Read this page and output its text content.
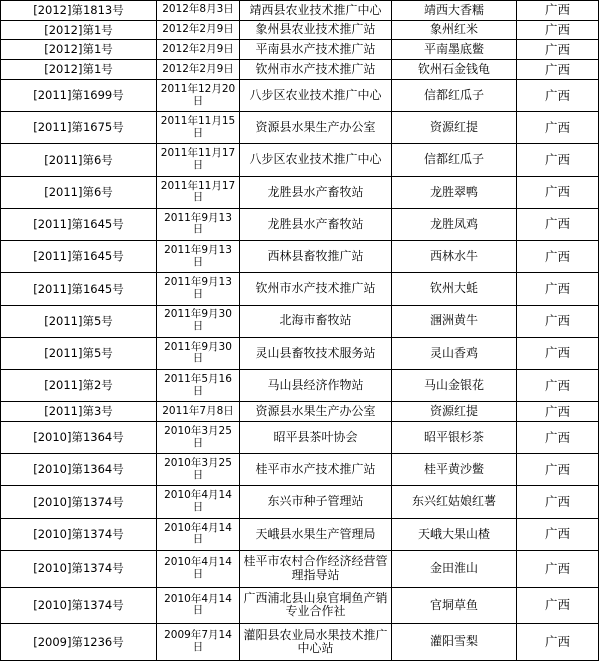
[2012]第1813号	2012年8月3日	靖西县农业技术推广中心	靖西大香糯	广西
[2012]第1号	2012年2月9日	象州县农业技术推广站	象州红米	广西
[2012]第1号	2012年2月9日	平南县水产技术推广站	平南墨底鳖	广西
[2012]第1号	2012年2月9日	钦州市水产技术推广站	钦州石金钱龟	广西
[2011]第1699号	2011年12月20日	八步区农业技术推广中心	信都红瓜子	广西
[2011]第1675号	2011年11月15日	资源县水果生产办公室	资源红提	广西
[2011]第6号	2011年11月17日	八步区农业技术推广中心	信都红瓜子	广西
[2011]第6号	2011年11月17日	龙胜县水产畜牧站	龙胜翠鸭	广西
[2011]第1645号	2011年9月13日	龙胜县水产畜牧站	龙胜凤鸡	广西
[2011]第1645号	2011年9月13日	西林县畜牧推广站	西林水牛	广西
[2011]第1645号	2011年9月13日	钦州市水产技术推广站	钦州大蚝	广西
[2011]第5号	2011年9月30日	北海市畜牧站	涠洲黄牛	广西
[2011]第5号	2011年9月30日	灵山县畜牧技术服务站	灵山香鸡	广西
[2011]第2号	2011年5月16日	马山县经济作物站	马山金银花	广西
[2011]第3号	2011年7月8日	资源县水果生产办公室	资源红提	广西
[2010]第1364号	2010年3月25日	昭平县茶叶协会	昭平银杉茶	广西
[2010]第1364号	2010年3月25日	桂平市水产技术推广站	桂平黄沙鳖	广西
[2010]第1374号	2010年4月14日	东兴市种子管理站	东兴红姑娘红薯	广西
[2010]第1374号	2010年4月14日	天峨县水果生产管理局	天峨大果山楂	广西
[2010]第1374号	2010年4月14日	桂平市农村合作经济经营管理指导站	金田淮山	广西
[2010]第1374号	2010年4月14日	广西浦北县山泉官垌鱼产销专业合作社	官垌草鱼	广西
[2009]第1236号	2009年7月14日	灌阳县农业局水果技术推广中心站	灌阳雪梨	广西
